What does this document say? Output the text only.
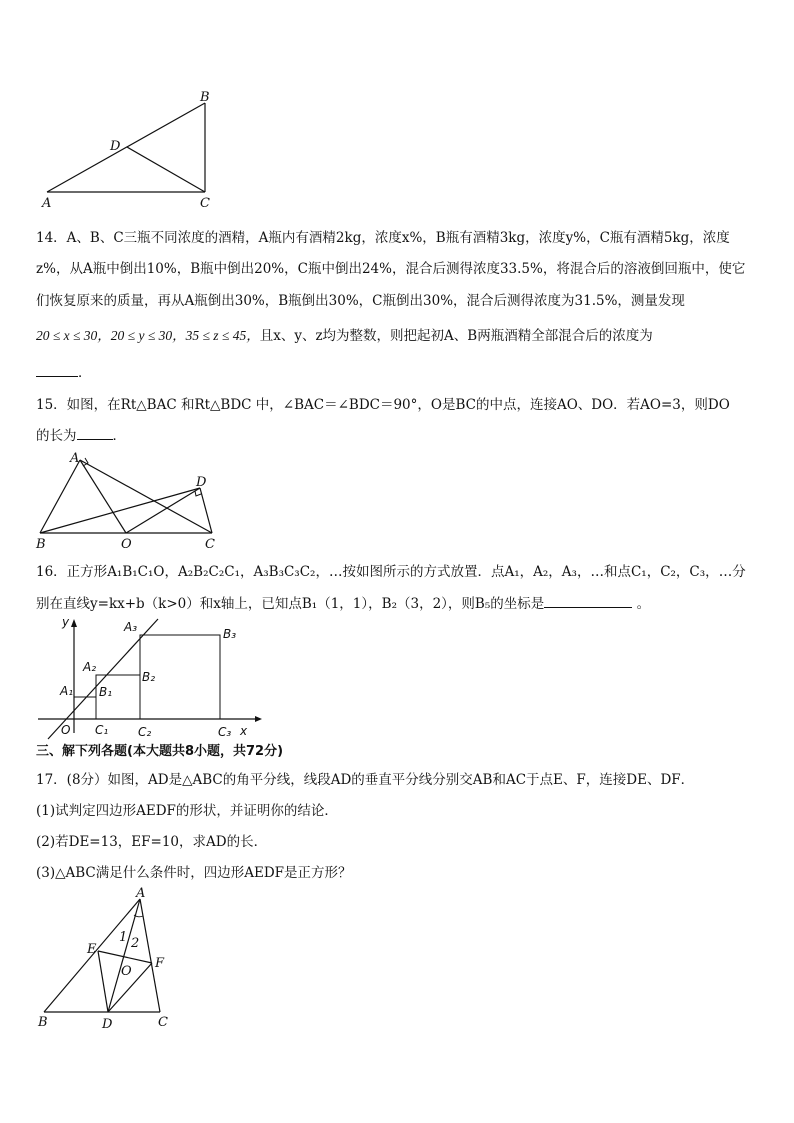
A
B
C
D
14．A、B、C三瓶不同浓度的酒精，A瓶内有酒精2kg，浓度x%，B瓶有酒精3kg，浓度y%，C瓶有酒精5kg，浓度
z%，从A瓶中倒出10%，B瓶中倒出20%，C瓶中倒出24%，混合后测得浓度33.5%，将混合后的溶液倒回瓶中，使它
们恢复原来的质量，再从A瓶倒出30%，B瓶倒出30%，C瓶倒出30%，混合后测得浓度为31.5%，测量发现
20 ≤ x ≤ 30，20 ≤ y ≤ 30，35 ≤ z ≤ 45，且x、y、z均为整数，则把起初A、B两瓶酒精全部混合后的浓度为
．
15．如图，在Rt△BAC 和Rt△BDC 中，∠BAC＝∠BDC＝90°，O是BC的中点，连接AO、DO．若AO=3，则DO
的长为	．
A
B	C
D
O
16．正方形A₁B₁C₁O，A₂B₂C₂C₁，A₃B₃C₃C₂，…按如图所示的方式放置．点A₁，A₂，A₃，…和点C₁，C₂，C₃，…分
别在直线y=kx+b（k>0）和x轴上，已知点B₁（1，1），B₂（3，2），则B₅的坐标是	。
y
x
O
A₁
A₂
A₃
B₁
B₂
B₃
C₁ C₂	C₃
三、解下列各题(本大题共8小题，共72分)
17．(8分）如图，AD是△ABC的角平分线，线段AD的垂直平分线分别交AB和AC于点E、F，连接DE、DF．
(1)试判定四边形AEDF的形状，并证明你的结论．
(2)若DE=13，EF=10，求AD的长．
(3)△ABC满足什么条件时，四边形AEDF是正方形？
A
B	C
D
E
F
O
1 2
